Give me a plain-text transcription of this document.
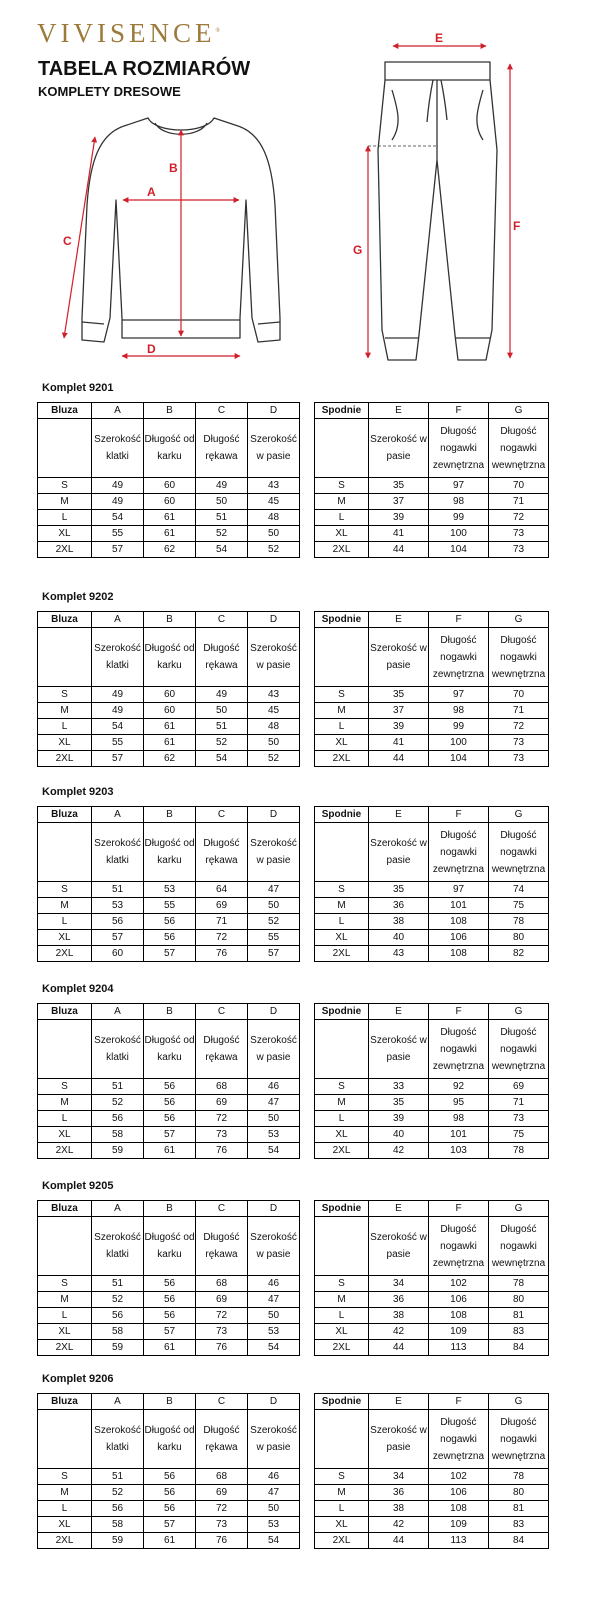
VIVISENCE®
TABELA ROZMIARÓW
KOMPLETY DRESOWE
A
B
C
D
E
F
G
Komplet 9201
Bluza	A	B	C	D
	Szerokość klatki	Długość od karku	Długość rękawa	Szerokość w pasie
S	49	60	49	43
M	49	60	50	45
L	54	61	51	48
XL	55	61	52	50
2XL	57	62	54	52
Spodnie	E	F	G
	Szerokość w pasie	Długość nogawki zewnętrzna	Długość nogawki wewnętrzna
S	35	97	70
M	37	98	71
L	39	99	72
XL	41	100	73
2XL	44	104	73
Komplet 9202
Bluza	A	B	C	D
	Szerokość klatki	Długość od karku	Długość rękawa	Szerokość w pasie
S	49	60	49	43
M	49	60	50	45
L	54	61	51	48
XL	55	61	52	50
2XL	57	62	54	52
Spodnie	E	F	G
	Szerokość w pasie	Długość nogawki zewnętrzna	Długość nogawki wewnętrzna
S	35	97	70
M	37	98	71
L	39	99	72
XL	41	100	73
2XL	44	104	73
Komplet 9203
Bluza	A	B	C	D
	Szerokość klatki	Długość od karku	Długość rękawa	Szerokość w pasie
S	51	53	64	47
M	53	55	69	50
L	56	56	71	52
XL	57	56	72	55
2XL	60	57	76	57
Spodnie	E	F	G
	Szerokość w pasie	Długość nogawki zewnętrzna	Długość nogawki wewnętrzna
S	35	97	74
M	36	101	75
L	38	108	78
XL	40	106	80
2XL	43	108	82
Komplet 9204
Bluza	A	B	C	D
	Szerokość klatki	Długość od karku	Długość rękawa	Szerokość w pasie
S	51	56	68	46
M	52	56	69	47
L	56	56	72	50
XL	58	57	73	53
2XL	59	61	76	54
Spodnie	E	F	G
	Szerokość w pasie	Długość nogawki zewnętrzna	Długość nogawki wewnętrzna
S	33	92	69
M	35	95	71
L	39	98	73
XL	40	101	75
2XL	42	103	78
Komplet 9205
Bluza	A	B	C	D
	Szerokość klatki	Długość od karku	Długość rękawa	Szerokość w pasie
S	51	56	68	46
M	52	56	69	47
L	56	56	72	50
XL	58	57	73	53
2XL	59	61	76	54
Spodnie	E	F	G
	Szerokość w pasie	Długość nogawki zewnętrzna	Długość nogawki wewnętrzna
S	34	102	78
M	36	106	80
L	38	108	81
XL	42	109	83
2XL	44	113	84
Komplet 9206
Bluza	A	B	C	D
	Szerokość klatki	Długość od karku	Długość rękawa	Szerokość w pasie
S	51	56	68	46
M	52	56	69	47
L	56	56	72	50
XL	58	57	73	53
2XL	59	61	76	54
Spodnie	E	F	G
	Szerokość w pasie	Długość nogawki zewnętrzna	Długość nogawki wewnętrzna
S	34	102	78
M	36	106	80
L	38	108	81
XL	42	109	83
2XL	44	113	84
